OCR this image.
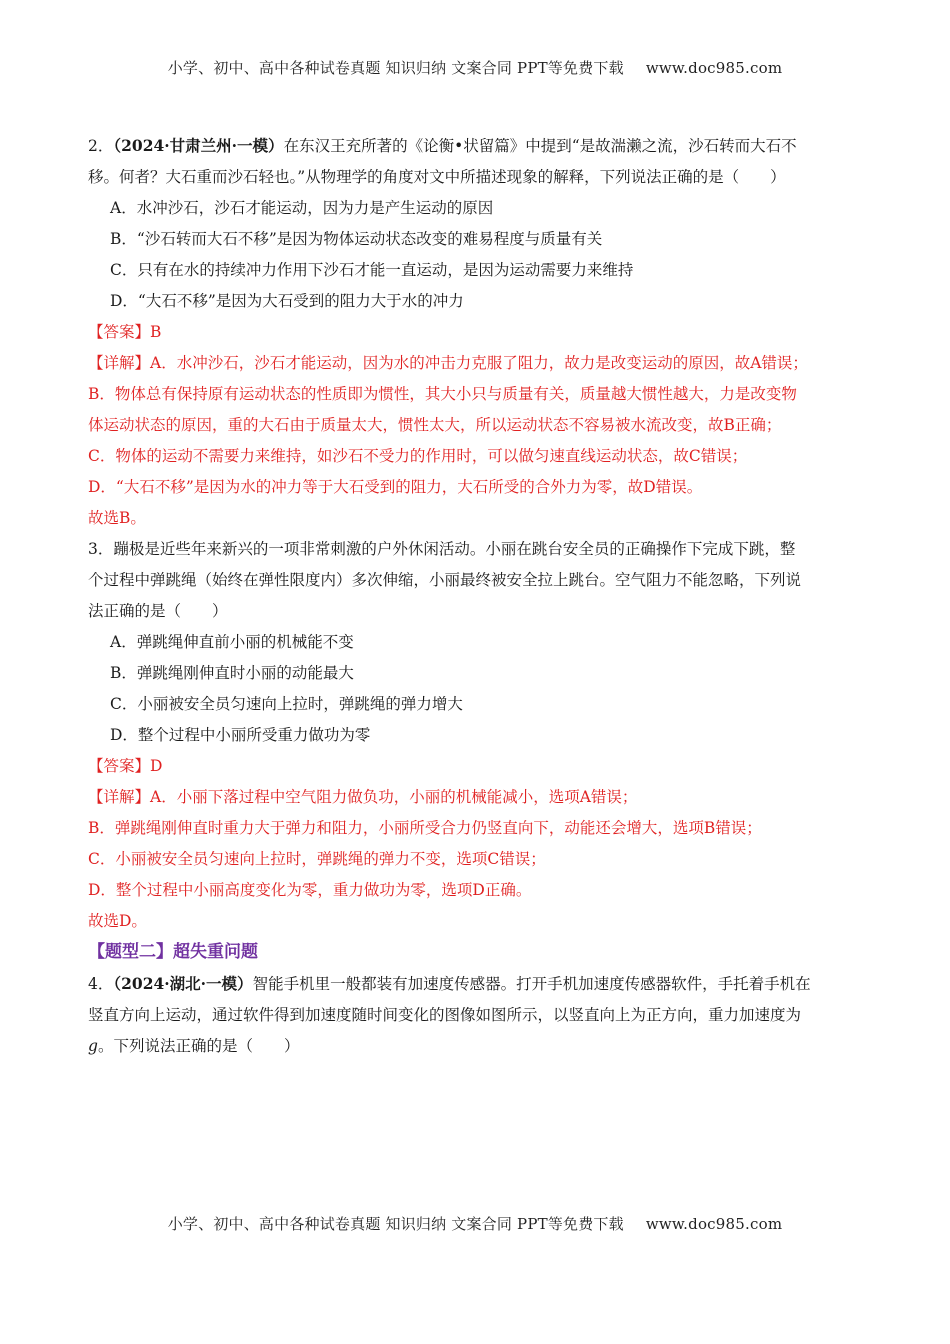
小学、初中、高中各种试卷真题 知识归纳 文案合同 PPT等免费下载 www.doc985.com

2．（2024·甘肃兰州·一模）在东汉王充所著的《论衡•状留篇》中提到“是故湍濑之流，沙石转而大石不

移。何者？大石重而沙石轻也。”从物理学的角度对文中所描述现象的解释，下列说法正确的是（　　）

A．水冲沙石，沙石才能运动，因为力是产生运动的原因

B．“沙石转而大石不移”是因为物体运动状态改变的难易程度与质量有关

C．只有在水的持续冲力作用下沙石才能一直运动，是因为运动需要力来维持

D．“大石不移”是因为大石受到的阻力大于水的冲力

【答案】B

【详解】A．水冲沙石，沙石才能运动，因为水的冲击力克服了阻力，故力是改变运动的原因，故A错误；

B．物体总有保持原有运动状态的性质即为惯性，其大小只与质量有关，质量越大惯性越大，力是改变物

体运动状态的原因，重的大石由于质量太大，惯性太大，所以运动状态不容易被水流改变，故B正确；

C．物体的运动不需要力来维持，如沙石不受力的作用时，可以做匀速直线运动状态，故C错误；

D．“大石不移”是因为水的冲力等于大石受到的阻力，大石所受的合外力为零，故D错误。

故选B。

3．蹦极是近些年来新兴的一项非常刺激的户外休闲活动。小丽在跳台安全员的正确操作下完成下跳，整

个过程中弹跳绳（始终在弹性限度内）多次伸缩，小丽最终被安全拉上跳台。空气阻力不能忽略，下列说

法正确的是（　　）

A．弹跳绳伸直前小丽的机械能不变

B．弹跳绳刚伸直时小丽的动能最大

C．小丽被安全员匀速向上拉时，弹跳绳的弹力增大

D．整个过程中小丽所受重力做功为零

【答案】D

【详解】A．小丽下落过程中空气阻力做负功，小丽的机械能减小，选项A错误；

B．弹跳绳刚伸直时重力大于弹力和阻力，小丽所受合力仍竖直向下，动能还会增大，选项B错误；

C．小丽被安全员匀速向上拉时，弹跳绳的弹力不变，选项C错误；

D．整个过程中小丽高度变化为零，重力做功为零，选项D正确。

故选D。

【题型二】超失重问题

4．（2024·湖北·一模）智能手机里一般都装有加速度传感器。打开手机加速度传感器软件，手托着手机在

竖直方向上运动，通过软件得到加速度随时间变化的图像如图所示，以竖直向上为正方向，重力加速度为

g。下列说法正确的是（　　）

小学、初中、高中各种试卷真题 知识归纳 文案合同 PPT等免费下载 www.doc985.com
